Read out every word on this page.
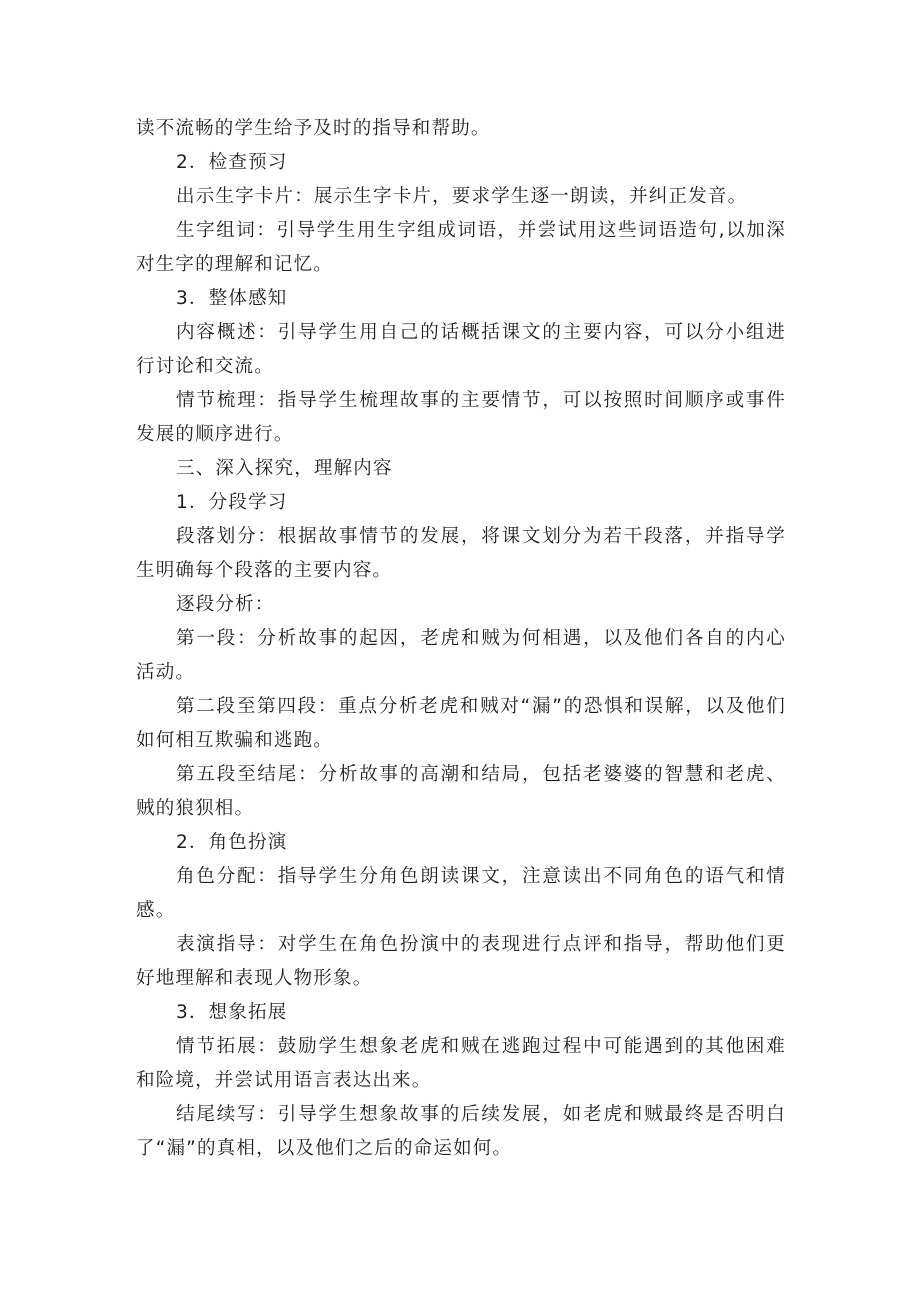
读不流畅的学生给予及时的指导和帮助。

2．检查预习

出示生字卡片：展示生字卡片，要求学生逐一朗读，并纠正发音。

生字组词：引导学生用生字组成词语，并尝试用这些词语造句,以加深对生字的理解和记忆。

3．整体感知

内容概述：引导学生用自己的话概括课文的主要内容，可以分小组进行讨论和交流。

情节梳理：指导学生梳理故事的主要情节，可以按照时间顺序或事件发展的顺序进行。

三、深入探究，理解内容

1．分段学习

段落划分：根据故事情节的发展，将课文划分为若干段落，并指导学生明确每个段落的主要内容。

逐段分析：

第一段：分析故事的起因，老虎和贼为何相遇，以及他们各自的内心活动。

第二段至第四段：重点分析老虎和贼对“漏”的恐惧和误解，以及他们如何相互欺骗和逃跑。

第五段至结尾：分析故事的高潮和结局，包括老婆婆的智慧和老虎、贼的狼狈相。

2．角色扮演

角色分配：指导学生分角色朗读课文，注意读出不同角色的语气和情感。

表演指导：对学生在角色扮演中的表现进行点评和指导，帮助他们更好地理解和表现人物形象。

3．想象拓展

情节拓展：鼓励学生想象老虎和贼在逃跑过程中可能遇到的其他困难和险境，并尝试用语言表达出来。

结尾续写：引导学生想象故事的后续发展，如老虎和贼最终是否明白了“漏”的真相，以及他们之后的命运如何。
